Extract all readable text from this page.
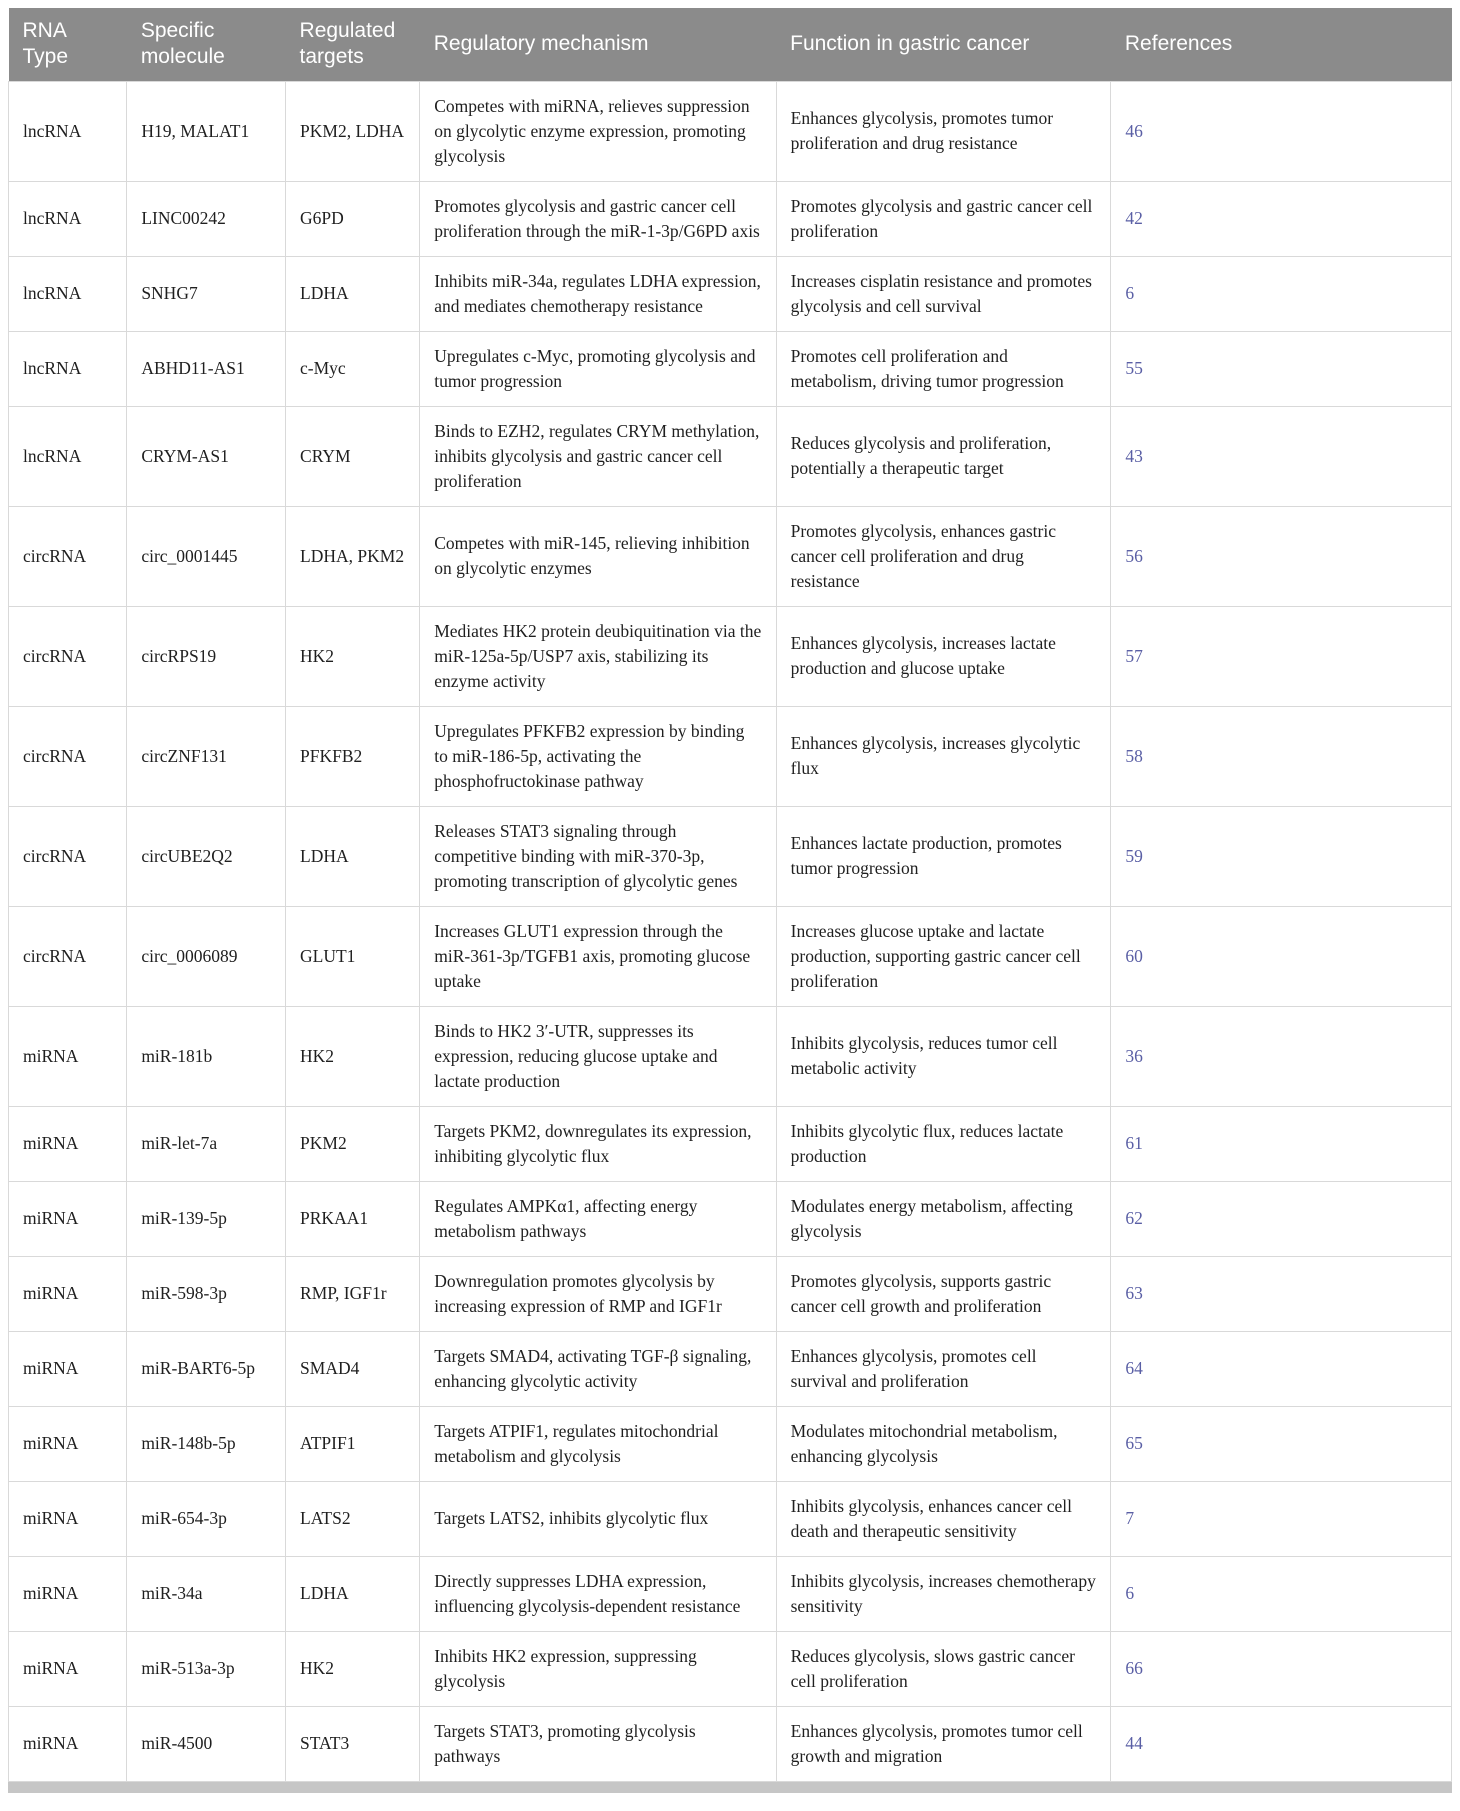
RNA Type	Specific molecule	Regulated targets	Regulatory mechanism	Function in gastric cancer	References
lncRNA	H19, MALAT1	PKM2, LDHA	Competes with miRNA, relieves suppression on glycolytic enzyme expression, promoting glycolysis	Enhances glycolysis, promotes tumor proliferation and drug resistance	46
lncRNA	LINC00242	G6PD	Promotes glycolysis and gastric cancer cell proliferation through the miR-1-3p/G6PD axis	Promotes glycolysis and gastric cancer cell proliferation	42
lncRNA	SNHG7	LDHA	Inhibits miR-34a, regulates LDHA expression, and mediates chemotherapy resistance	Increases cisplatin resistance and promotes glycolysis and cell survival	6
lncRNA	ABHD11-AS1	c-Myc	Upregulates c-Myc, promoting glycolysis and tumor progression	Promotes cell proliferation and metabolism, driving tumor progression	55
lncRNA	CRYM-AS1	CRYM	Binds to EZH2, regulates CRYM methylation, inhibits glycolysis and gastric cancer cell proliferation	Reduces glycolysis and proliferation, potentially a therapeutic target	43
circRNA	circ_0001445	LDHA, PKM2	Competes with miR-145, relieving inhibition on glycolytic enzymes	Promotes glycolysis, enhances gastric cancer cell proliferation and drug resistance	56
circRNA	circRPS19	HK2	Mediates HK2 protein deubiquitination via the miR-125a-5p/USP7 axis, stabilizing its enzyme activity	Enhances glycolysis, increases lactate production and glucose uptake	57
circRNA	circZNF131	PFKFB2	Upregulates PFKFB2 expression by binding to miR-186-5p, activating the phosphofructokinase pathway	Enhances glycolysis, increases glycolytic flux	58
circRNA	circUBE2Q2	LDHA	Releases STAT3 signaling through competitive binding with miR-370-3p, promoting transcription of glycolytic genes	Enhances lactate production, promotes tumor progression	59
circRNA	circ_0006089	GLUT1	Increases GLUT1 expression through the miR-361-3p/TGFB1 axis, promoting glucose uptake	Increases glucose uptake and lactate production, supporting gastric cancer cell proliferation	60
miRNA	miR-181b	HK2	Binds to HK2 3′-UTR, suppresses its expression, reducing glucose uptake and lactate production	Inhibits glycolysis, reduces tumor cell metabolic activity	36
miRNA	miR-let-7a	PKM2	Targets PKM2, downregulates its expression, inhibiting glycolytic flux	Inhibits glycolytic flux, reduces lactate production	61
miRNA	miR-139-5p	PRKAA1	Regulates AMPKα1, affecting energy metabolism pathways	Modulates energy metabolism, affecting glycolysis	62
miRNA	miR-598-3p	RMP, IGF1r	Downregulation promotes glycolysis by increasing expression of RMP and IGF1r	Promotes glycolysis, supports gastric cancer cell growth and proliferation	63
miRNA	miR-BART6-5p	SMAD4	Targets SMAD4, activating TGF-β signaling, enhancing glycolytic activity	Enhances glycolysis, promotes cell survival and proliferation	64
miRNA	miR-148b-5p	ATPIF1	Targets ATPIF1, regulates mitochondrial metabolism and glycolysis	Modulates mitochondrial metabolism, enhancing glycolysis	65
miRNA	miR-654-3p	LATS2	Targets LATS2, inhibits glycolytic flux	Inhibits glycolysis, enhances cancer cell death and therapeutic sensitivity	7
miRNA	miR-34a	LDHA	Directly suppresses LDHA expression, influencing glycolysis-dependent resistance	Inhibits glycolysis, increases chemotherapy sensitivity	6
miRNA	miR-513a-3p	HK2	Inhibits HK2 expression, suppressing glycolysis	Reduces glycolysis, slows gastric cancer cell proliferation	66
miRNA	miR-4500	STAT3	Targets STAT3, promoting glycolysis pathways	Enhances glycolysis, promotes tumor cell growth and migration	44
